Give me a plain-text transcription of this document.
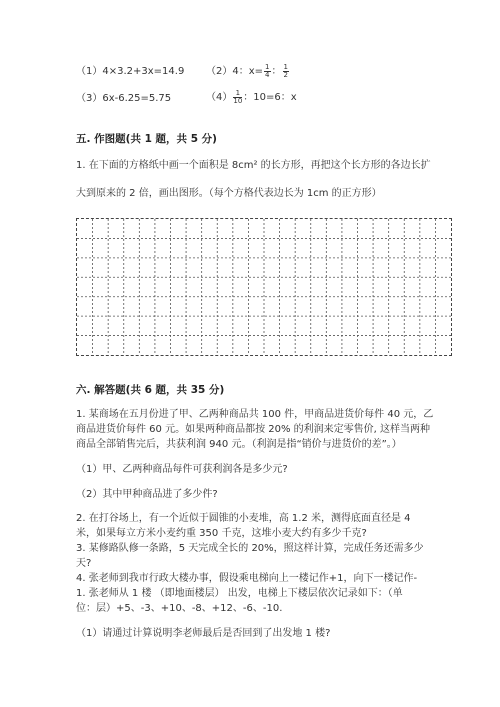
（1）4×3.2+3x=14.9 （2）4：$x= \frac{1}{4}$ ： $\frac{1}{2}$
（3）6x-6.25=5.75	$(4) \frac{1}{10}$ ：10=6：x
五. 作图题(共 1 题，共 5 分)
1. 在下面的方格纸中画一个面积是 8cm² 的长方形，再把这个长方形的各边长扩
大到原来的 2 倍，画出图形。（每个方格代表边长为 1cm 的正方形）
六. 解答题(共 6 题，共 35 分)
1. 某商场在五月份进了甲、乙两种商品共 100 件，甲商品进货价每件 40 元，乙
商品进货价每件 60 元。如果两种商品都按 20% 的利润来定零售价, 这样当两种
商品全部销售完后，共获利润 940 元。（利润是指“销价与进货价的差”。）
（1）甲、乙两种商品每件可获利润各是多少元?
（2）其中甲种商品进了多少件?
2. 在打谷场上，有一个近似于圆锥的小麦堆，高 1.2 米，测得底面直径是 4
米，如果每立方米小麦约重 350 千克，这堆小麦大约有多少千克?
3. 某修路队修一条路，5 天完成全长的 20%，照这样计算，完成任务还需多少
天?
4. 张老师到我市行政大楼办事，假设乘电梯向上一楼记作+1，向下一楼记作-
1. 张老师从 1 楼 （即地面楼层） 出发，电梯上下楼层依次记录如下：（单
位：层）+5、-3、+10、-8、+12、-6、-10.
（1）请通过计算说明李老师最后是否回到了出发地 1 楼?
